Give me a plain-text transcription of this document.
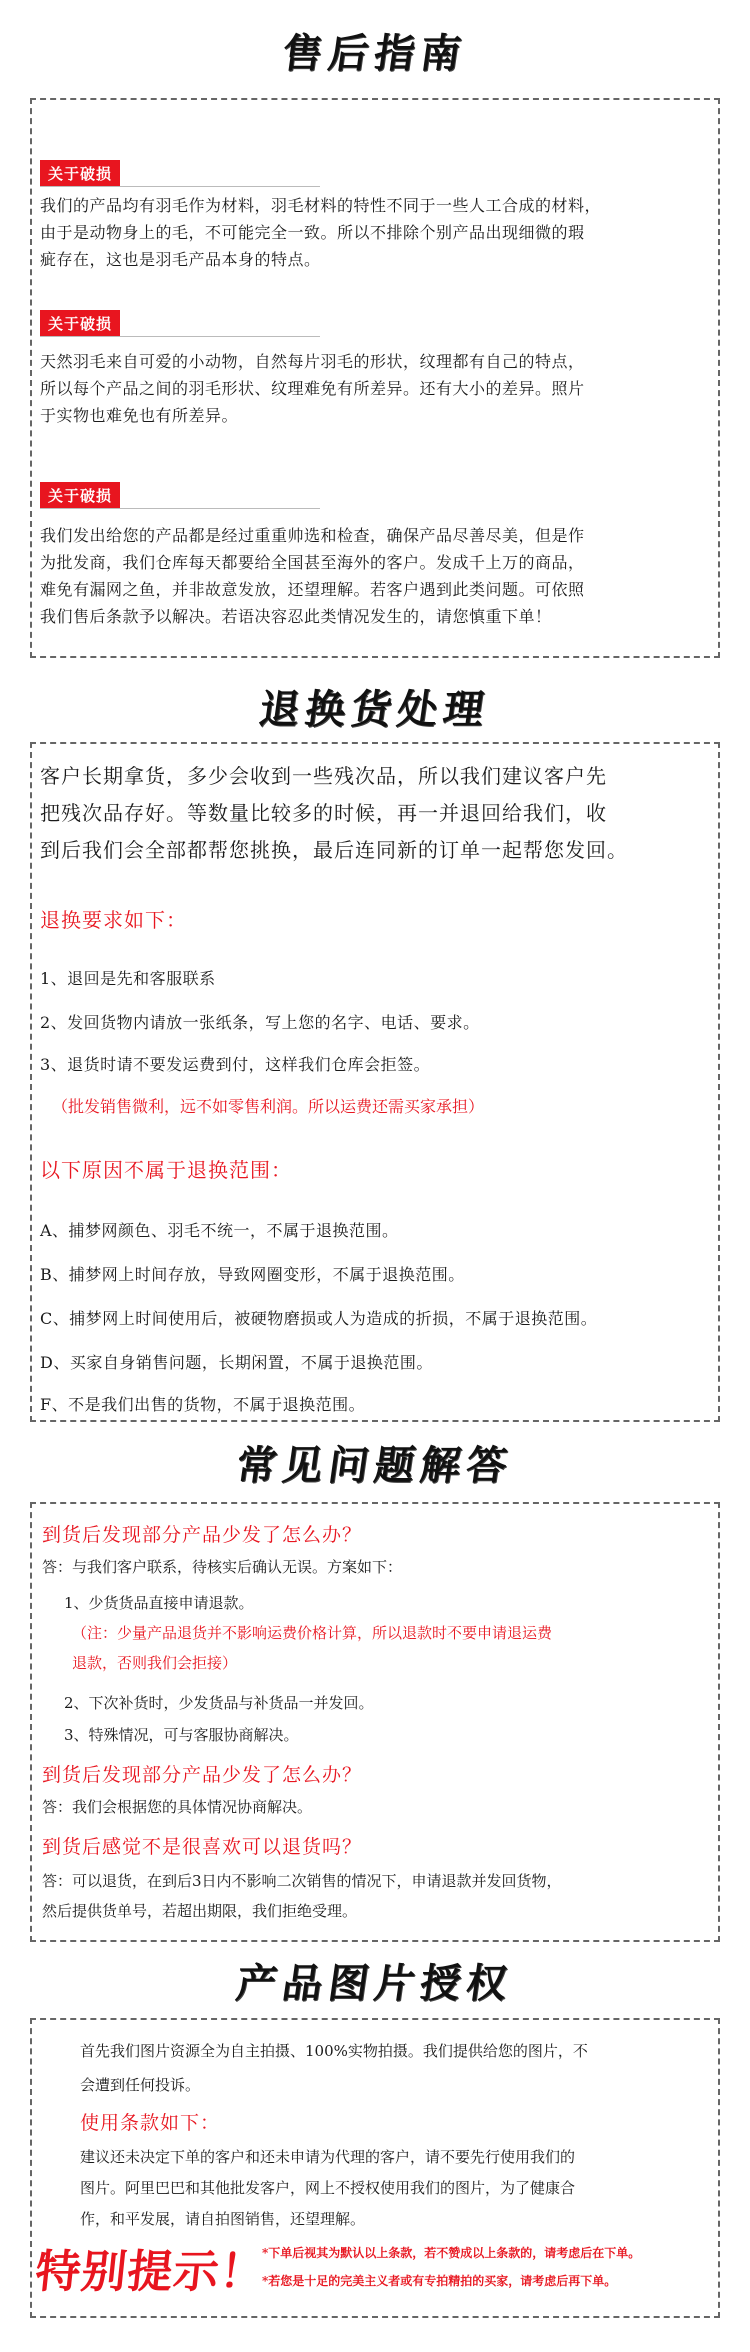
售后指南
关于破损
我们的产品均有羽毛作为材料，羽毛材料的特性不同于一些人工合成的材料，
由于是动物身上的毛，不可能完全一致。所以不排除个别产品出现细微的瑕
疵存在，这也是羽毛产品本身的特点。
关于破损
天然羽毛来自可爱的小动物，自然每片羽毛的形状，纹理都有自己的特点，
所以每个产品之间的羽毛形状、纹理难免有所差异。还有大小的差异。照片
于实物也难免也有所差异。
关于破损
我们发出给您的产品都是经过重重帅选和检查，确保产品尽善尽美，但是作
为批发商，我们仓库每天都要给全国甚至海外的客户。发成千上万的商品，
难免有漏网之鱼，并非故意发放，还望理解。若客户遇到此类问题。可依照
我们售后条款予以解决。若语决容忍此类情况发生的，请您慎重下单！
退换货处理
客户长期拿货，多少会收到一些残次品，所以我们建议客户先
把残次品存好。等数量比较多的时候，再一并退回给我们，收
到后我们会全部都帮您挑换，最后连同新的订单一起帮您发回。
退换要求如下：
1、退回是先和客服联系
2、发回货物内请放一张纸条，写上您的名字、电话、要求。
3、退货时请不要发运费到付，这样我们仓库会拒签。
（批发销售微利，远不如零售利润。所以运费还需买家承担）
以下原因不属于退换范围：
A、捕梦网颜色、羽毛不统一，不属于退换范围。
B、捕梦网上时间存放，导致网圈变形，不属于退换范围。
C、捕梦网上时间使用后，被硬物磨损或人为造成的折损，不属于退换范围。
D、买家自身销售问题，长期闲置，不属于退换范围。
F、不是我们出售的货物，不属于退换范围。
常见问题解答
到货后发现部分产品少发了怎么办？
答：与我们客户联系，待核实后确认无误。方案如下：
1、少货货品直接申请退款。
（注：少量产品退货并不影响运费价格计算，所以退款时不要申请退运费
退款，否则我们会拒接）
2、下次补货时，少发货品与补货品一并发回。
3、特殊情况，可与客服协商解决。
到货后发现部分产品少发了怎么办？
答：我们会根据您的具体情况协商解决。
到货后感觉不是很喜欢可以退货吗？
答：可以退货，在到后3日内不影响二次销售的情况下，申请退款并发回货物，
然后提供货单号，若超出期限，我们拒绝受理。
产品图片授权
首先我们图片资源全为自主拍摄、100%实物拍摄。我们提供给您的图片，不
会遭到任何投诉。
使用条款如下：
建议还未决定下单的客户和还未申请为代理的客户，请不要先行使用我们的
图片。阿里巴巴和其他批发客户，网上不授权使用我们的图片，为了健康合
作，和平发展，请自拍图销售，还望理解。
特别提示！
*下单后视其为默认以上条款，若不赞成以上条款的，请考虑后在下单。
*若您是十足的完美主义者或有专拍精拍的买家，请考虑后再下单。
